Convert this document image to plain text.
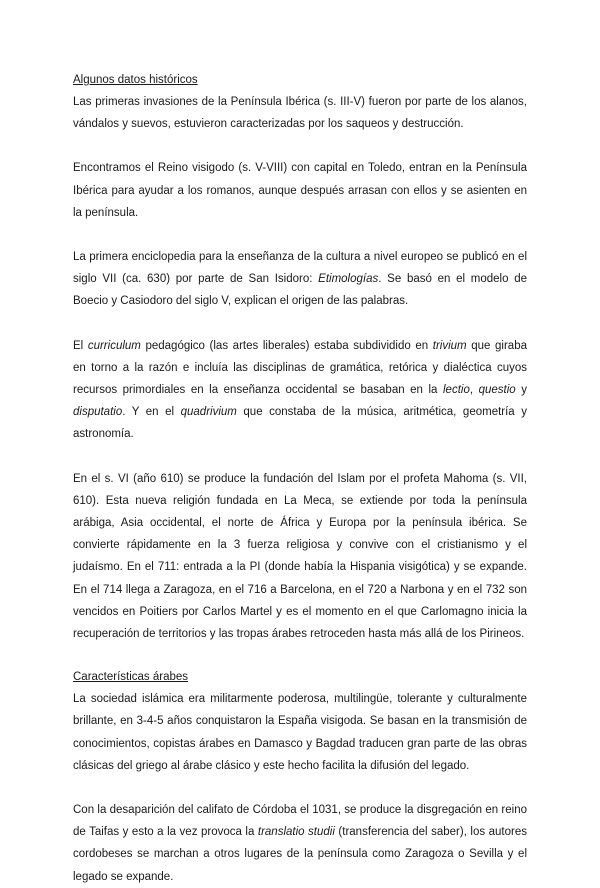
Algunos datos históricos

Las primeras invasiones de la Península Ibérica (s. III-V) fueron por parte de los alanos, vándalos y suevos, estuvieron caracterizadas por los saqueos y destrucción.

Encontramos el Reino visigodo (s. V-VIII) con capital en Toledo, entran en la Península Ibérica para ayudar a los romanos, aunque después arrasan con ellos y se asienten en la península.

La primera enciclopedia para la enseñanza de la cultura a nivel europeo se publicó en el siglo VII (ca. 630) por parte de San Isidoro: Etimologías. Se basó en el modelo de Boecio y Casiodoro del siglo V, explican el origen de las palabras.

El curriculum pedagógico (las artes liberales) estaba subdividido en trivium que giraba en torno a la razón e incluía las disciplinas de gramática, retórica y dialéctica cuyos recursos primordiales en la enseñanza occidental se basaban en la lectio, questio y disputatio. Y en el quadrivium que constaba de la música, aritmética, geometría y astronomía.

En el s. VI (año 610) se produce la fundación del Islam por el profeta Mahoma (s. VII, 610). Esta nueva religión fundada en La Meca, se extiende por toda la península arábiga, Asia occidental, el norte de África y Europa por la península ibérica. Se convierte rápidamente en la 3 fuerza religiosa y convive con el cristianismo y el judaísmo. En el 711: entrada a la PI (donde había la Hispania visigótica) y se expande. En el 714 llega a Zaragoza, en el 716 a Barcelona, en el 720 a Narbona y en el 732 son vencidos en Poitiers por Carlos Martel y es el momento en el que Carlomagno inicia la recuperación de territorios y las tropas árabes retroceden hasta más allá de los Pirineos.

Características árabes

La sociedad islámica era militarmente poderosa, multilingüe, tolerante y culturalmente brillante, en 3-4-5 años conquistaron la España visigoda. Se basan en la transmisión de conocimientos, copistas árabes en Damasco y Bagdad traducen gran parte de las obras clásicas del griego al árabe clásico y este hecho facilita la difusión del legado.

Con la desaparición del califato de Córdoba el 1031, se produce la disgregación en reino de Taifas y esto a la vez provoca la translatio studii (transferencia del saber), los autores cordobeses se marchan a otros lugares de la península como Zaragoza o Sevilla y el legado se expande.
